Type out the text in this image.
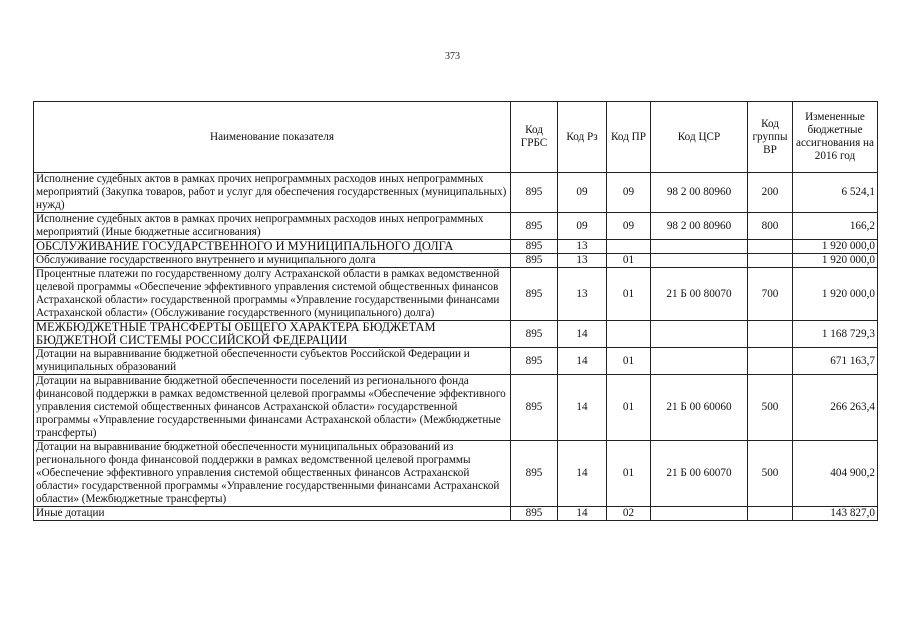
373
Наименование показателя	Код ГРБС	Код Рз	Код ПР	Код ЦСР	Код группы ВР	Измененные бюджетные ассигнования на 2016 год
Исполнение судебных актов в рамках прочих непрограммных расходов иных непрограммных мероприятий (Закупка товаров, работ и услуг для обеспечения государственных (муниципальных) нужд)	895	09	09	98 2 00 80960	200	6 524,1
Исполнение судебных актов в рамках прочих непрограммных расходов иных непрограммных мероприятий (Иные бюджетные ассигнования)	895	09	09	98 2 00 80960	800	166,2
ОБСЛУЖИВАНИЕ ГОСУДАРСТВЕННОГО И МУНИЦИПАЛЬНОГО ДОЛГА	895	13				1 920 000,0
Обслуживание государственного внутреннего и муниципального долга	895	13	01			1 920 000,0
Процентные платежи по государственному долгу Астраханской области в рамках ведомственной целевой программы «Обеспечение эффективного управления системой общественных финансов Астраханской области» государственной программы «Управление государственными финансами Астраханской области» (Обслуживание государственного (муниципального) долга)	895	13	01	21 Б 00 80070	700	1 920 000,0
МЕЖБЮДЖЕТНЫЕ ТРАНСФЕРТЫ ОБЩЕГО ХАРАКТЕРА БЮДЖЕТАМ БЮДЖЕТНОЙ СИСТЕМЫ РОССИЙСКОЙ ФЕДЕРАЦИИ	895	14				1 168 729,3
Дотации на выравнивание бюджетной обеспеченности субъектов Российской Федерации и муниципальных образований	895	14	01			671 163,7
Дотации на выравнивание бюджетной обеспеченности поселений из регионального фонда финансовой поддержки в рамках ведомственной целевой программы «Обеспечение эффективного управления системой общественных финансов Астраханской области» государственной программы «Управление государственными финансами Астраханской области» (Межбюджетные трансферты)	895	14	01	21 Б 00 60060	500	266 263,4
Дотации на выравнивание бюджетной обеспеченности муниципальных образований из регионального фонда финансовой поддержки в рамках ведомственной целевой программы «Обеспечение эффективного управления системой общественных финансов Астраханской области» государственной программы «Управление государственными финансами Астраханской области» (Межбюджетные трансферты)	895	14	01	21 Б 00 60070	500	404 900,2
Иные дотации	895	14	02			143 827,0
